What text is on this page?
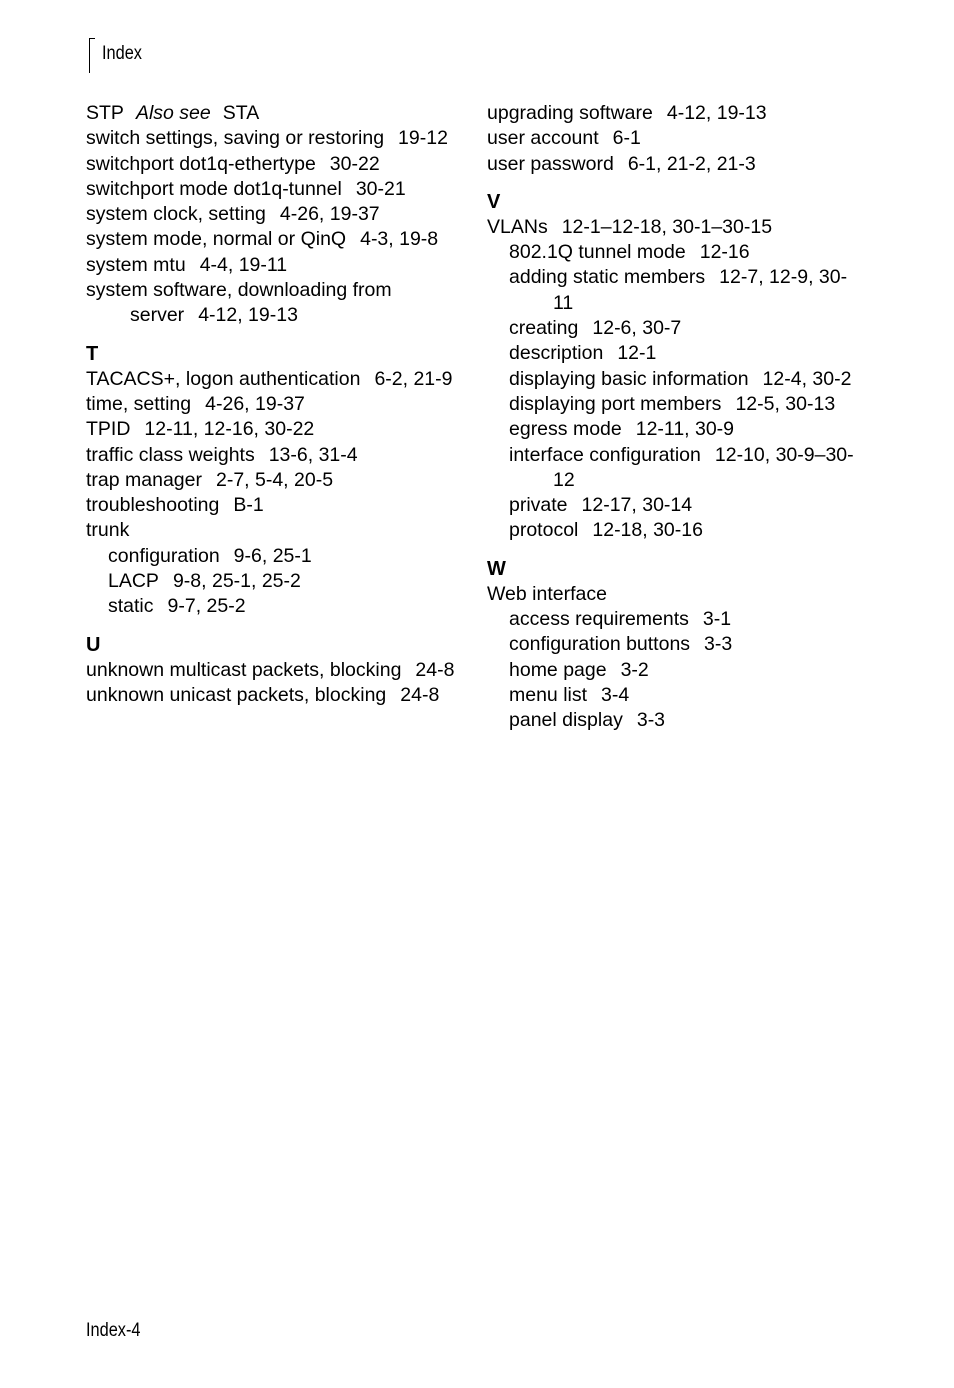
Index
STP Also see STA
switch settings, saving or restoring 19-12
switchport dot1q-ethertype 30-22
switchport mode dot1q-tunnel 30-21
system clock, setting 4-26, 19-37
system mode, normal or QinQ 4-3, 19-8
system mtu 4-4, 19-11
system software, downloading from server 4-12, 19-13
T
TACACS+, logon authentication 6-2, 21-9
time, setting 4-26, 19-37
TPID 12-11, 12-16, 30-22
traffic class weights 13-6, 31-4
trap manager 2-7, 5-4, 20-5
troubleshooting B-1
trunk
configuration 9-6, 25-1
LACP 9-8, 25-1, 25-2
static 9-7, 25-2
U
unknown multicast packets, blocking 24-8
unknown unicast packets, blocking 24-8
upgrading software 4-12, 19-13
user account 6-1
user password 6-1, 21-2, 21-3
V
VLANs 12-1–12-18, 30-1–30-15
802.1Q tunnel mode 12-16
adding static members 12-7, 12-9, 30-11
creating 12-6, 30-7
description 12-1
displaying basic information 12-4, 30-2
displaying port members 12-5, 30-13
egress mode 12-11, 30-9
interface configuration 12-10, 30-9–30-12
private 12-17, 30-14
protocol 12-18, 30-16
W
Web interface
access requirements 3-1
configuration buttons 3-3
home page 3-2
menu list 3-4
panel display 3-3
Index-4
